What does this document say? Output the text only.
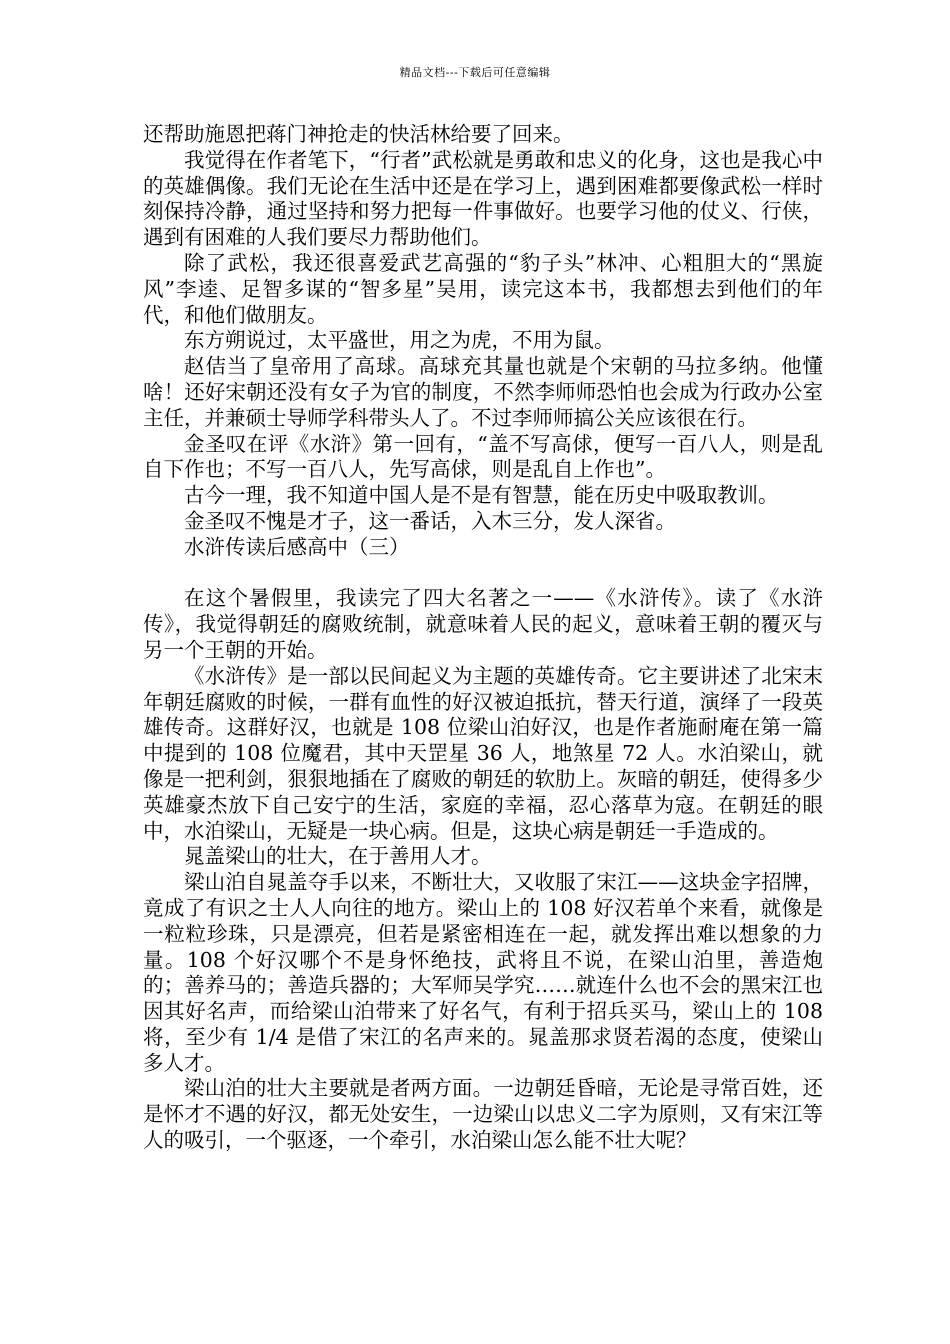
精品文档---下载后可任意编辑

还帮助施恩把蒋门神抢走的快活林给要了回来。

我觉得在作者笔下，“行者”武松就是勇敢和忠义的化身，这也是我心中的英雄偶像。我们无论在生活中还是在学习上，遇到困难都要像武松一样时刻保持冷静，通过坚持和努力把每一件事做好。也要学习他的仗义、行侠，遇到有困难的人我们要尽力帮助他们。

除了武松，我还很喜爱武艺高强的“豹子头”林冲、心粗胆大的“黑旋风”李逵、足智多谋的“智多星”吴用，读完这本书，我都想去到他们的年代，和他们做朋友。

东方朔说过，太平盛世，用之为虎，不用为鼠。

赵佶当了皇帝用了高球。高球充其量也就是个宋朝的马拉多纳。他懂啥！还好宋朝还没有女子为官的制度，不然李师师恐怕也会成为行政办公室主任，并兼硕士导师学科带头人了。不过李师师搞公关应该很在行。

金圣叹在评《水浒》第一回有，“盖不写高俅，便写一百八人，则是乱自下作也；不写一百八人，先写高俅，则是乱自上作也”。

古今一理，我不知道中国人是不是有智慧，能在历史中吸取教训。

金圣叹不愧是才子，这一番话，入木三分，发人深省。

水浒传读后感高中（三）

在这个暑假里，我读完了四大名著之一——《水浒传》。读了《水浒传》，我觉得朝廷的腐败统制，就意味着人民的起义，意味着王朝的覆灭与另一个王朝的开始。

《水浒传》是一部以民间起义为主题的英雄传奇。它主要讲述了北宋末年朝廷腐败的时候，一群有血性的好汉被迫抵抗，替天行道，演绎了一段英雄传奇。这群好汉，也就是 108 位梁山泊好汉，也是作者施耐庵在第一篇中提到的 108 位魔君，其中天罡星 36 人，地煞星 72 人。水泊梁山，就像是一把利剑，狠狠地插在了腐败的朝廷的软肋上。灰暗的朝廷，使得多少英雄豪杰放下自己安宁的生活，家庭的幸福，忍心落草为寇。在朝廷的眼中，水泊梁山，无疑是一块心病。但是，这块心病是朝廷一手造成的。

晁盖梁山的壮大，在于善用人才。

梁山泊自晁盖夺手以来，不断壮大，又收服了宋江——这块金字招牌，竟成了有识之士人人向往的地方。梁山上的 108 好汉若单个来看，就像是一粒粒珍珠，只是漂亮，但若是紧密相连在一起，就发挥出难以想象的力量。108 个好汉哪个不是身怀绝技，武将且不说，在梁山泊里，善造炮的；善养马的；善造兵器的；大军师吴学究……就连什么也不会的黑宋江也因其好名声，而给梁山泊带来了好名气，有利于招兵买马，梁山上的 108 将，至少有 1/4 是借了宋江的名声来的。晁盖那求贤若渴的态度，使梁山多人才。

梁山泊的壮大主要就是者两方面。一边朝廷昏暗，无论是寻常百姓，还是怀才不遇的好汉，都无处安生，一边梁山以忠义二字为原则，又有宋江等人的吸引，一个驱逐，一个牵引，水泊梁山怎么能不壮大呢？
